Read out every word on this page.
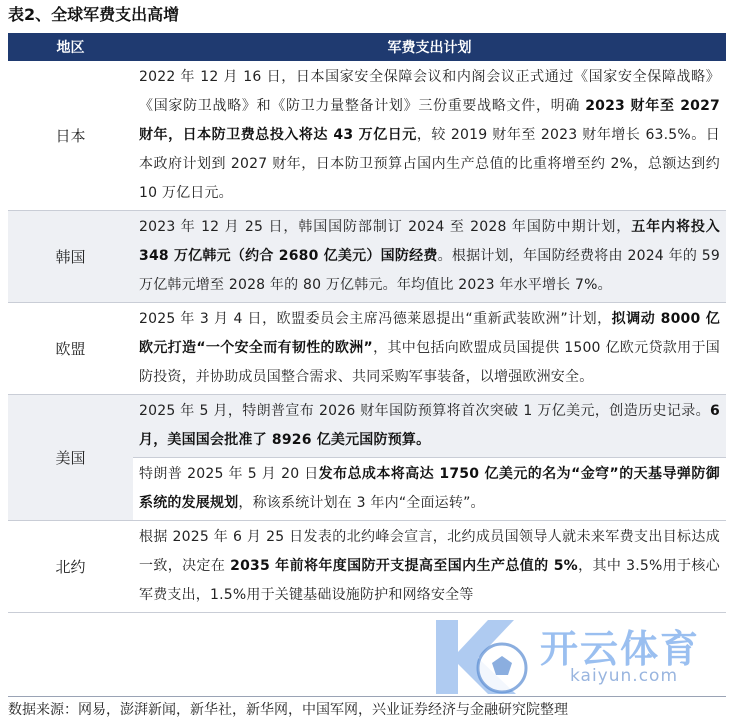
表2、全球军费支出高增
地区	军费支出计划
日本
2022 年 12 月 16 日，日本国家安全保障会议和内阁会议正式通过《国家安全保障战略》《国家防卫战略》和《防卫力量整备计划》三份重要战略文件，明确 2023 财年至 2027 财年，日本防卫费总投入将达 43 万亿日元，较 2019 财年至 2023 财年增长 63.5%。日本政府计划到 2027 财年，日本防卫预算占国内生产总值的比重将增至约 2%，总额达到约 10 万亿日元。
韩国
2023 年 12 月 25 日，韩国国防部制订 2024 至 2028 年国防中期计划，五年内将投入 348 万亿韩元（约合 2680 亿美元）国防经费。根据计划，年国防经费将由 2024 年的 59 万亿韩元增至 2028 年的 80 万亿韩元。年均值比 2023 年水平增长 7%。
欧盟
2025 年 3 月 4 日，欧盟委员会主席冯德莱恩提出“重新武装欧洲”计划，拟调动 8000 亿欧元打造“一个安全而有韧性的欧洲”，其中包括向欧盟成员国提供 1500 亿欧元贷款用于国防投资，并协助成员国整合需求、共同采购军事装备，以增强欧洲安全。
美国
2025 年 5 月，特朗普宣布 2026 财年国防预算将首次突破 1 万亿美元，创造历史记录。6 月，美国国会批准了 8926 亿美元国防预算。
特朗普 2025 年 5 月 20 日发布总成本将高达 1750 亿美元的名为“金穹”的天基导弹防御系统的发展规划，称该系统计划在 3 年内“全面运转”。
北约
根据 2025 年 6 月 25 日发表的北约峰会宣言，北约成员国领导人就未来军费支出目标达成一致，决定在 2035 年前将年度国防开支提高至国内生产总值的 5%，其中 3.5%用于核心军费支出，1.5%用于关键基础设施防护和网络安全等
数据来源：网易，澎湃新闻，新华社，新华网，中国军网，兴业证券经济与金融研究院整理
开云体育
kaiyun.com
